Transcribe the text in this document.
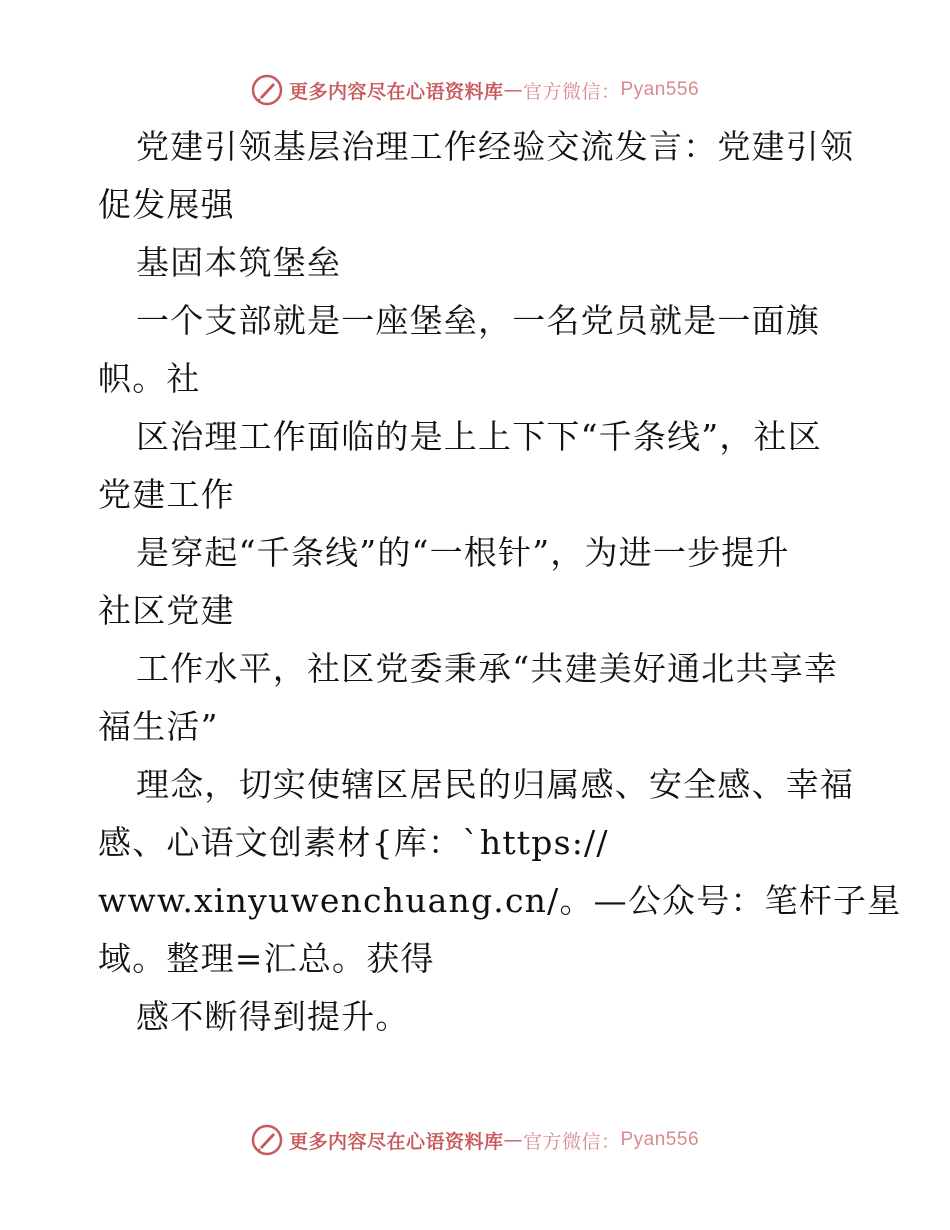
更多内容尽在心语资料库 — 官方微信： Pyan556
党建引领基层治理工作经验交流发言：党建引领
促发展强
基固本筑堡垒
一个支部就是一座堡垒，一名党员就是一面旗
帜。社
区治理工作面临的是上上下下“千条线”，社区
党建工作
是穿起“千条线”的“一根针”，为进一步提升
社区党建
工作水平，社区党委秉承“共建美好通北共享幸
福生活”
理念，切实使辖区居民的归属感、安全感、幸福
感、心语文创素材{库：`https://
www.xinyuwenchuang.cn/。—公众号：笔杆子星
域。整理=汇总。获得
感不断得到提升。
更多内容尽在心语资料库 — 官方微信： Pyan556
